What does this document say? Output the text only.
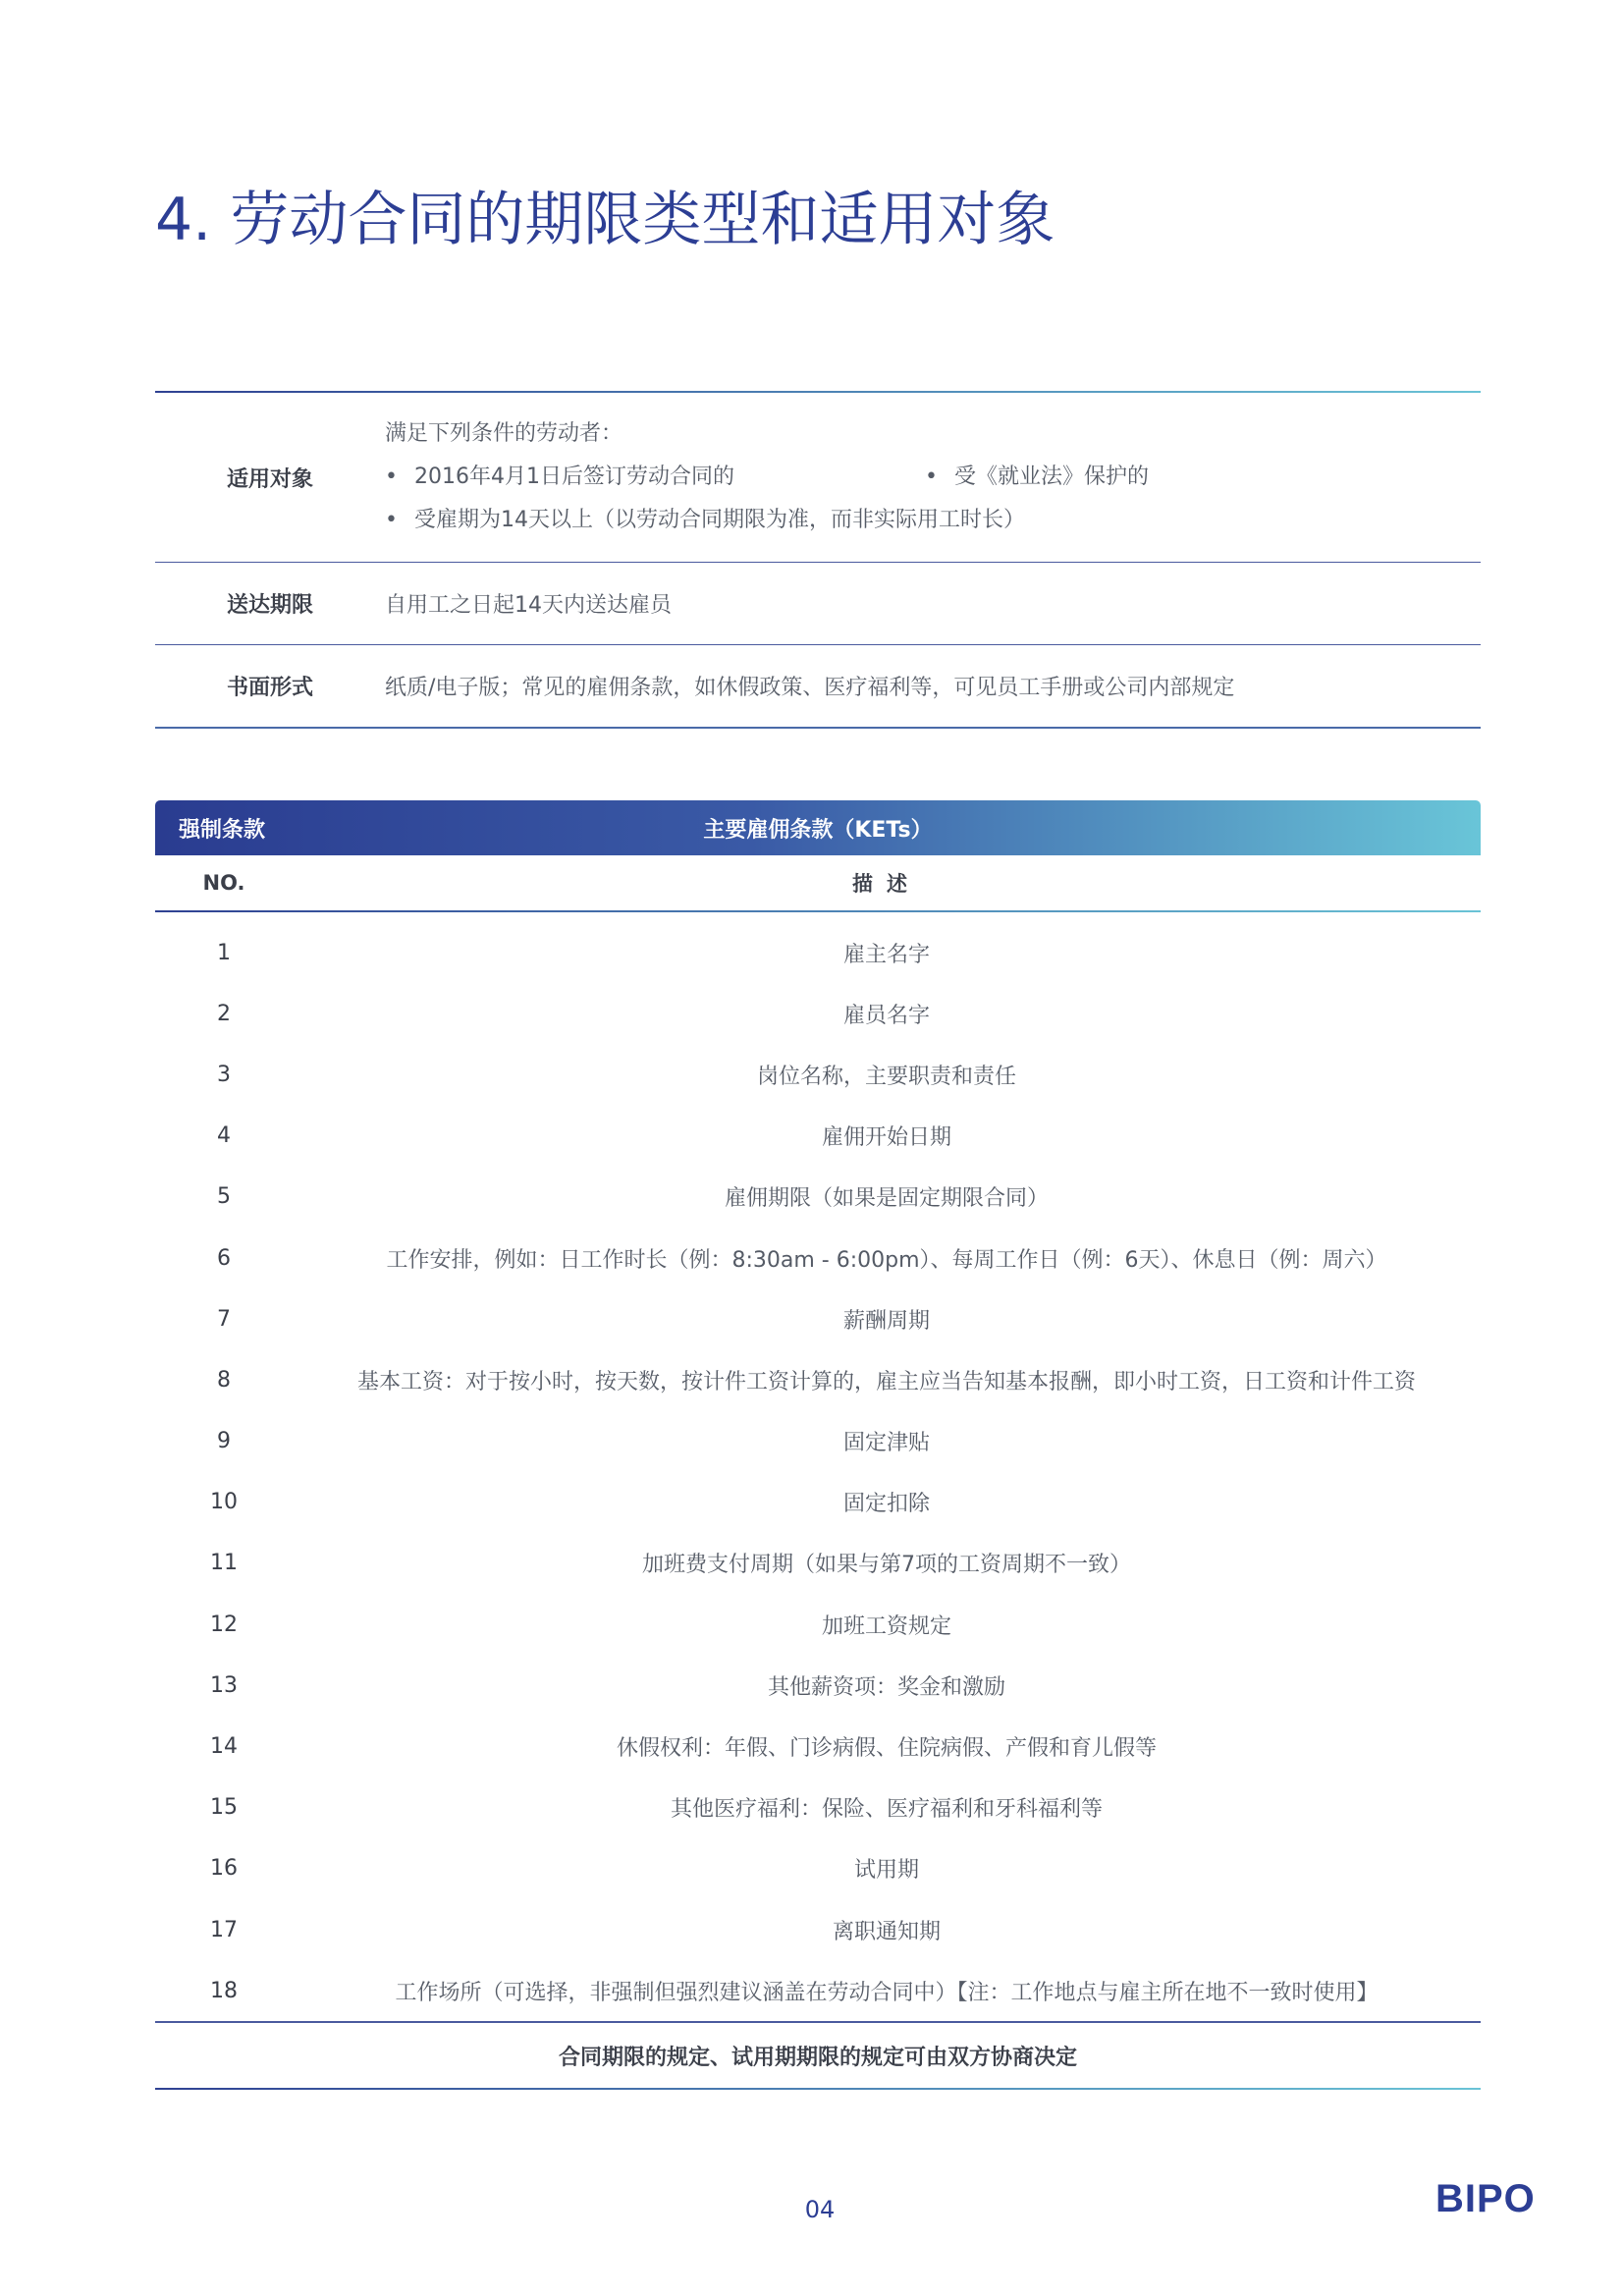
4. 劳动合同的期限类型和适用对象
适用对象
满足下列条件的劳动者：
• 2016年4月1日后签订劳动合同的
•	受《就业法》保护的
• 受雇期为14天以上（以劳动合同期限为准，而非实际用工时长）
送达期限	自用工之日起14天内送达雇员
书面形式	纸质/电子版；常见的雇佣条款，如休假政策、医疗福利等，可见员工手册或公司内部规定
强制条款	主要雇佣条款（KETs）
NO.	描述
1	雇主名字
2	雇员名字
3	岗位名称，主要职责和责任
4	雇佣开始日期
5	雇佣期限（如果是固定期限合同）
6	工作安排，例如：日工作时长（例：8:30am - 6:00pm）、每周工作日（例：6天）、休息日（例：周六）
7	薪酬周期
8	基本工资：对于按小时，按天数，按计件工资计算的，雇主应当告知基本报酬，即小时工资，日工资和计件工资
9	固定津贴
10	固定扣除
11	加班费支付周期（如果与第7项的工资周期不一致）
12	加班工资规定
13	其他薪资项：奖金和激励
14	休假权利：年假、门诊病假、住院病假、产假和育儿假等
15	其他医疗福利：保险、医疗福利和牙科福利等
16	试用期
17	离职通知期
18	工作场所（可选择，非强制但强烈建议涵盖在劳动合同中）【注：工作地点与雇主所在地不一致时使用】
合同期限的规定、试用期期限的规定可由双方协商决定
04	BIPO
